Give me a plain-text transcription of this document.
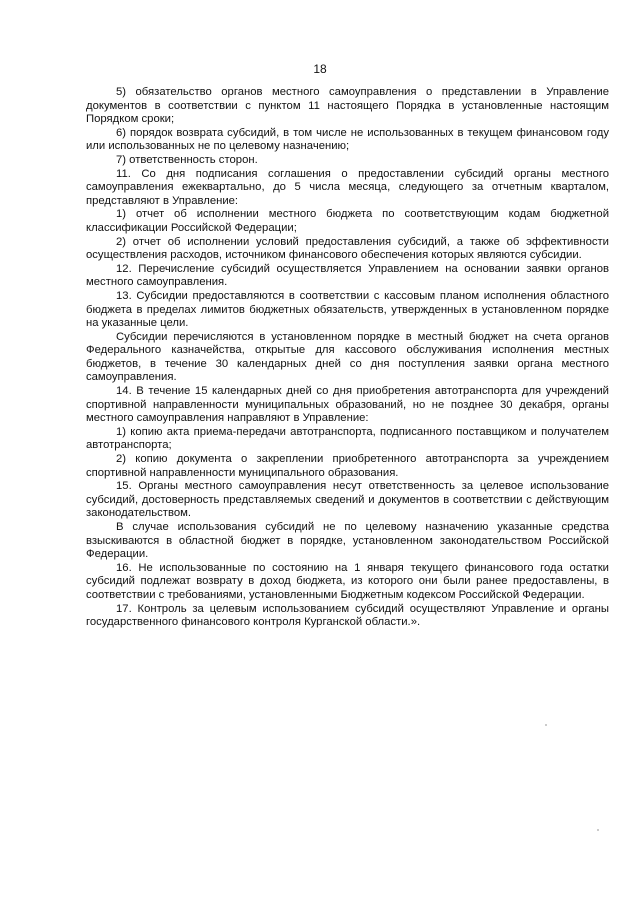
18

5) обязательство органов местного самоуправления о представлении в Управление документов в соответствии с пунктом 11 настоящего Порядка в установленные настоящим Порядком сроки;

6) порядок возврата субсидий, в том числе не использованных в текущем финансовом году или использованных не по целевому назначению;

7) ответственность сторон.

11. Со дня подписания соглашения о предоставлении субсидий органы местного самоуправления ежеквартально, до 5 числа месяца, следующего за отчетным кварталом, представляют в Управление:

1) отчет об исполнении местного бюджета по соответствующим кодам бюджетной классификации Российской Федерации;

2) отчет об исполнении условий предоставления субсидий, а также об эффективности осуществления расходов, источником финансового обеспечения которых являются субсидии.

12. Перечисление субсидий осуществляется Управлением на основании заявки органов местного самоуправления.

13. Субсидии предоставляются в соответствии с кассовым планом исполнения областного бюджета в пределах лимитов бюджетных обязательств, утвержденных в установленном порядке на указанные цели.

Субсидии перечисляются в установленном порядке в местный бюджет на счета органов Федерального казначейства, открытые для кассового обслуживания исполнения местных бюджетов, в течение 30 календарных дней со дня поступления заявки органа местного самоуправления.

14. В течение 15 календарных дней со дня приобретения автотранспорта для учреждений спортивной направленности муниципальных образований, но не позднее 30 декабря, органы местного самоуправления направляют в Управление:

1) копию акта приема-передачи автотранспорта, подписанного поставщиком и получателем автотранспорта;

2) копию документа о закреплении приобретенного автотранспорта за учреждением спортивной направленности муниципального образования.

15. Органы местного самоуправления несут ответственность за целевое использование субсидий, достоверность представляемых сведений и документов в соответствии с действующим законодательством.

В случае использования субсидий не по целевому назначению указанные средства взыскиваются в областной бюджет в порядке, установленном законодательством Российской Федерации.

16. Не использованные по состоянию на 1 января текущего финансового года остатки субсидий подлежат возврату в доход бюджета, из которого они были ранее предоставлены, в соответствии с требованиями, установленными Бюджетным кодексом Российской Федерации.

17. Контроль за целевым использованием субсидий осуществляют Управление и органы государственного финансового контроля Курганской области.».
